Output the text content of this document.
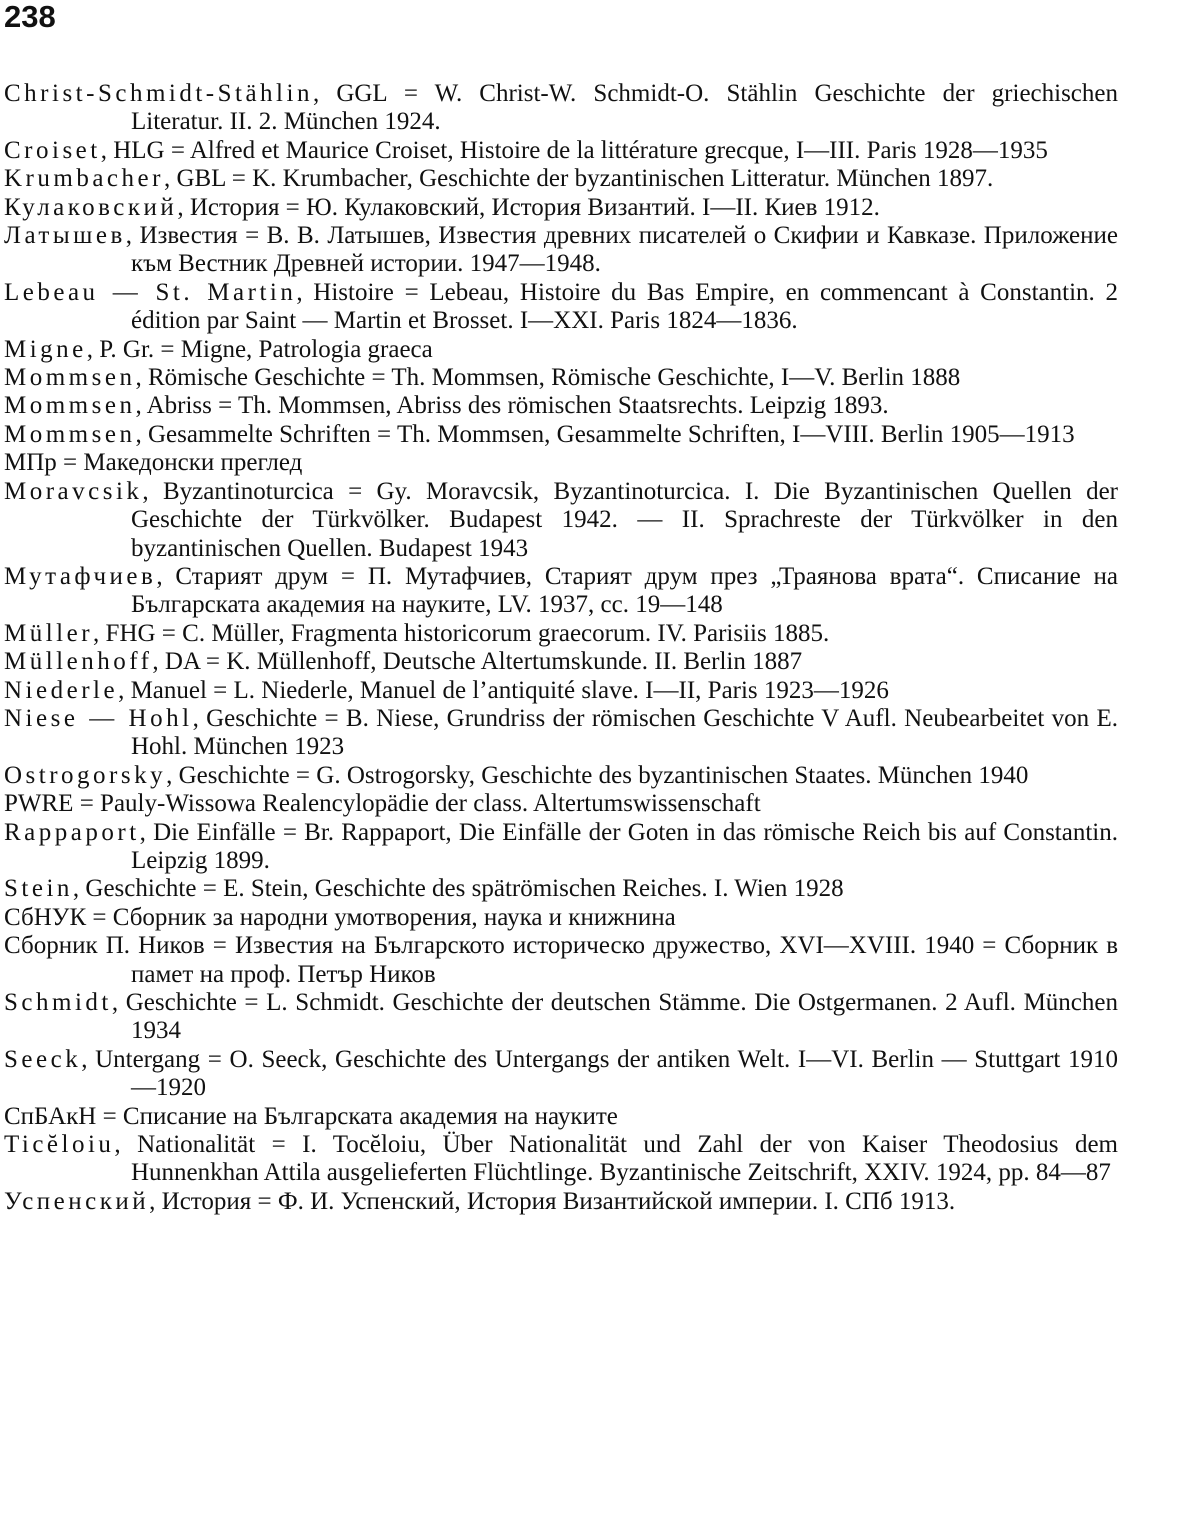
238
Christ-Schmidt-Stählin, GGL = W. Christ-W. Schmidt-O. Stählin Geschichte der griechischen Literatur. II. 2. München 1924.
Croiset, HLG = Alfred et Maurice Croiset, Histoire de la littérature grecque, I—III. Paris 1928—1935
Krumbacher, GBL = K. Krumbacher, Geschichte der byzantinischen Litteratur. München 1897.
Кулаковский, История = Ю. Кулаковский, История Византий. I—II. Киев 1912.
Латышев, Известия = В. В. Латышев, Известия древних писателей о Скифии и Кавказе. Приложение към Вестник Древней истории. 1947—1948.
Lebeau — St. Martin, Histoire = Lebeau, Histoire du Bas Empire, en commencant à Constantin. 2 édition par Saint — Martin et Brosset. I—XXI. Paris 1824—1836.
Migne, P. Gr. = Migne, Patrologia graeca
Mommsen, Römische Geschichte = Th. Mommsen, Römische Geschichte, I—V. Berlin 1888
Mommsen, Abriss = Th. Mommsen, Abriss des römischen Staatsrechts. Leipzig 1893.
Mommsen, Gesammelte Schriften = Th. Mommsen, Gesammelte Schriften, I—VIII. Berlin 1905—1913
МПр = Македонски преглед
Moravcsik, Byzantinoturcica = Gy. Moravcsik, Byzantinoturcica. I. Die Byzantinischen Quellen der Geschichte der Türkvölker. Budapest 1942. — II. Sprachreste der Türkvölker in den byzantinischen Quellen. Budapest 1943
Мутафчиев, Старият друм = П. Мутафчиев, Старият друм през „Траянова врата“. Списание на Българската академия на науките, LV. 1937, сс. 19—148
Müller, FHG = C. Müller, Fragmenta historicorum graecorum. IV. Parisiis 1885.
Müllenhoff, DA = K. Müllenhoff, Deutsche Altertumskunde. II. Berlin 1887
Niederle, Manuel = L. Niederle, Manuel de l’antiquité slave. I—II, Paris 1923—1926
Niese — Hohl, Geschichte = B. Niese, Grundriss der römischen Geschichte V Aufl. Neubearbeitet von E. Hohl. München 1923
Ostrogorsky, Geschichte = G. Ostrogorsky, Geschichte des byzantinischen Staates. München 1940
PWRE = Pauly-Wissowa Realencylopädie der class. Altertumswissenschaft
Rappaport, Die Einfälle = Br. Rappaport, Die Einfälle der Goten in das römische Reich bis auf Constantin. Leipzig 1899.
Stein, Geschichte = E. Stein, Geschichte des spätrömischen Reiches. I. Wien 1928
СбНУК = Сборник за народни умотворения, наука и книжнина
Сборник П. Ников = Известия на Българското историческо дружество, XVI—XVIII. 1940 = Сборник в памет на проф. Петър Ников
Schmidt, Geschichte = L. Schmidt. Geschichte der deutschen Stämme. Die Ostgermanen. 2 Aufl. München 1934
Seeck, Untergang = O. Seeck, Geschichte des Untergangs der antiken Welt. I—VI. Berlin — Stuttgart 1910—1920
СпБАкН = Списание на Българската академия на науките
Ticĕloiu, Nationalität = I. Tocĕloiu, Über Nationalität und Zahl der von Kaiser Theodosius dem Hunnenkhan Attila ausgelieferten Flüchtlinge. Byzantinische Zeitschrift, XXIV. 1924, pp. 84—87
Успенский, История = Ф. И. Успенский, История Византийской империи. I. СПб 1913.
